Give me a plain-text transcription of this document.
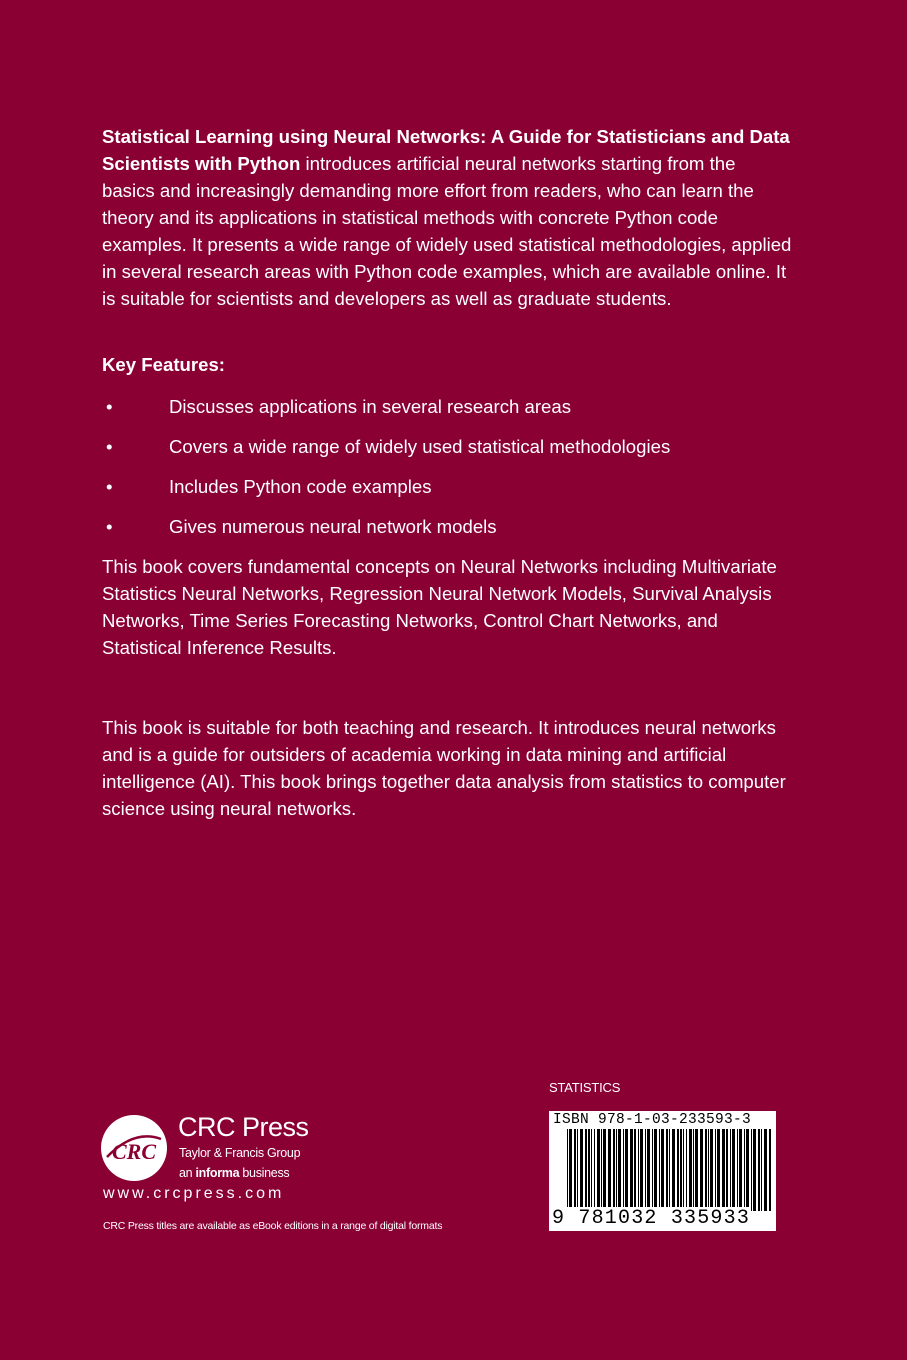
Statistical Learning using Neural Networks: A Guide for Statisticians and Data Scientists with Python introduces artificial neural networks starting from the basics and increasingly demanding more effort from readers, who can learn the theory and its applications in statistical methods with concrete Python code examples. It presents a wide range of widely used statistical methodologies, applied in several research areas with Python code examples, which are available online. It is suitable for scientists and developers as well as graduate students.
Key Features:
•	Discusses applications in several research areas
•	Covers a wide range of widely used statistical methodologies
•	Includes Python code examples
•	Gives numerous neural network models
This book covers fundamental concepts on Neural Networks including Multivariate Statistics Neural Networks, Regression Neural Network Models, Survival Analysis Networks, Time Series Forecasting Networks, Control Chart Networks, and Statistical Inference Results.
This book is suitable for both teaching and research. It introduces neural networks and is a guide for outsiders of academia working in data mining and artificial intelligence (AI). This book brings together data analysis from statistics to computer science using neural networks.
CRC
CRC Press
Taylor & Francis Group
an informa business
www.crcpress.com
CRC Press titles are available as eBook editions in a range of digital formats
STATISTICS
ISBN 978-1-03-233593-3
9 781032 335933
